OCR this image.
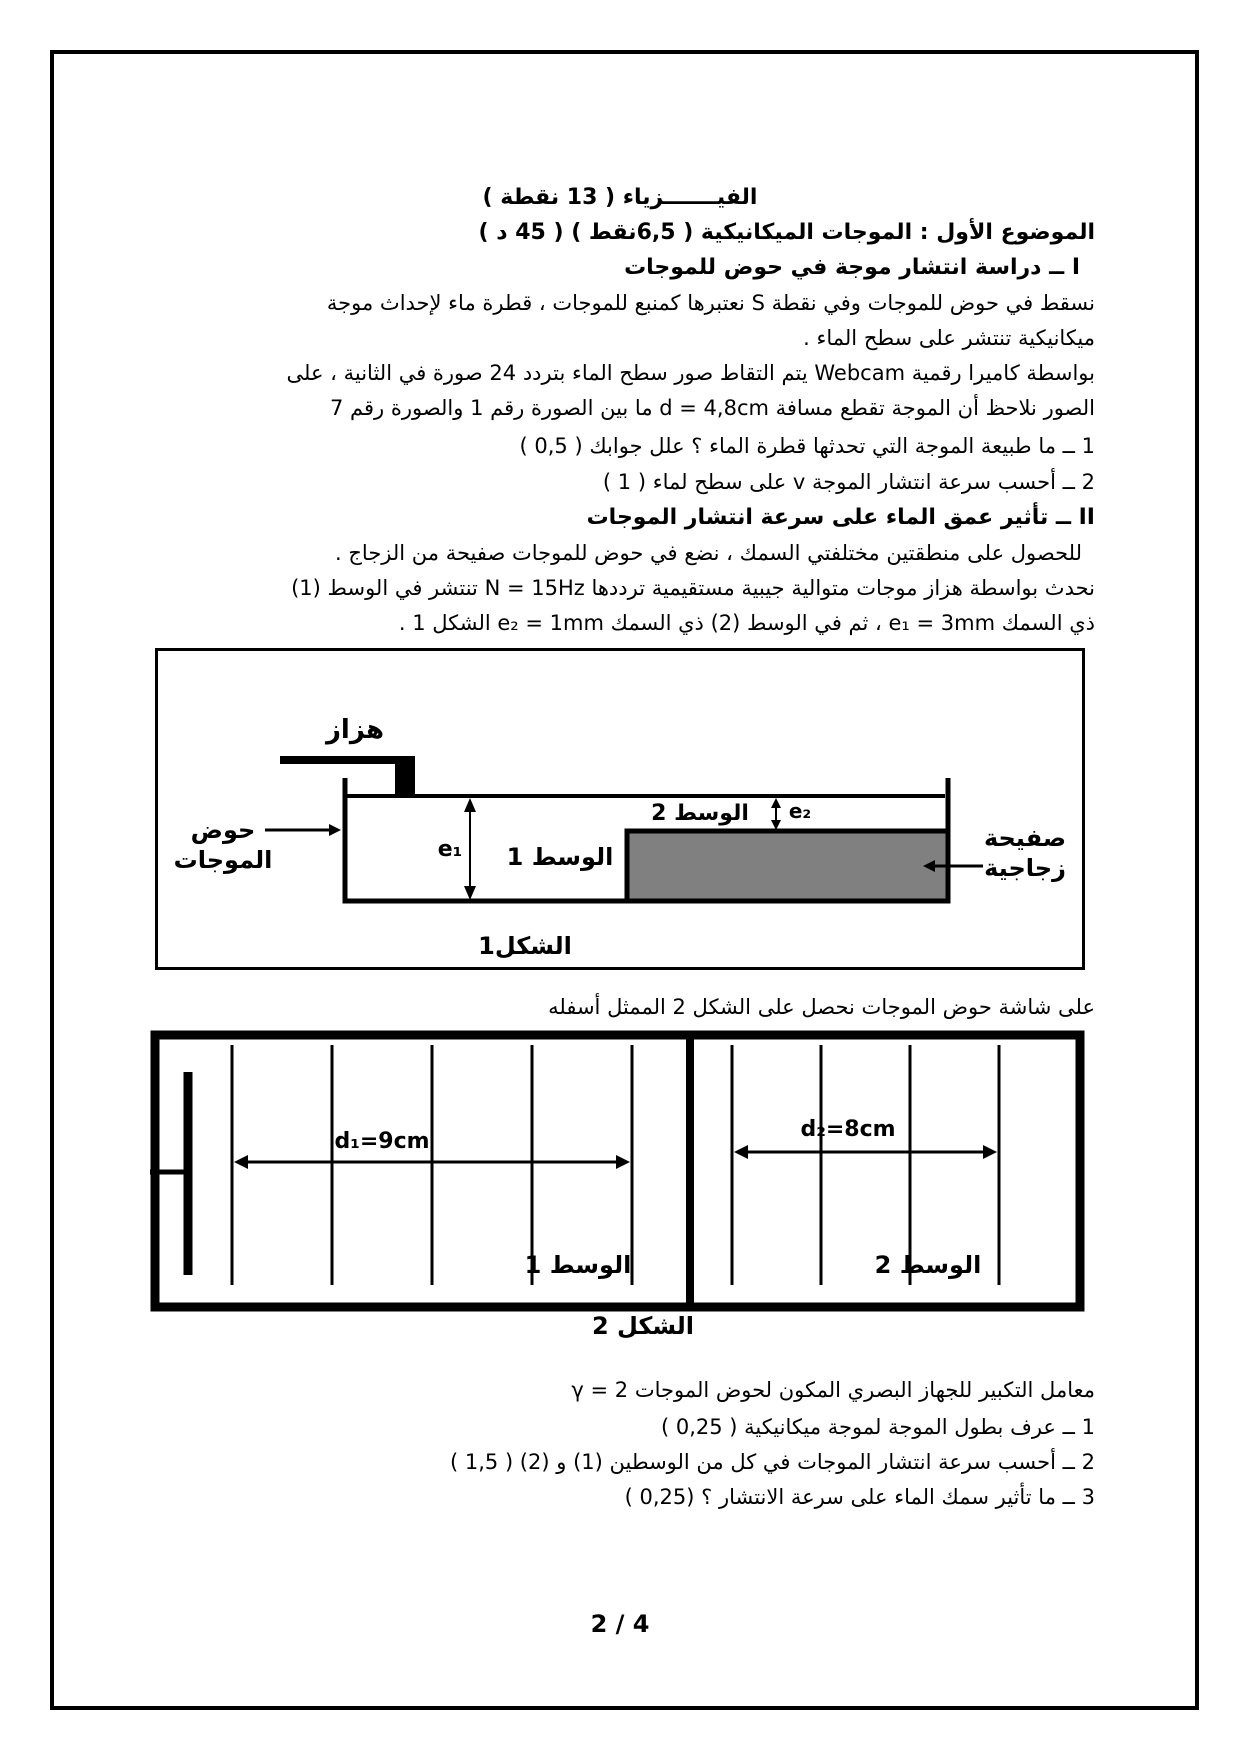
الفيـــــــزياء ( 13 نقطة )
الموضوع الأول : الموجات الميكانيكية ( 6,5نقط ) ( 45 د )
I ــ دراسة انتشار موجة في حوض للموجات
نسقط في حوض للموجات وفي نقطة S نعتبرها كمنبع للموجات ، قطرة ماء لإحداث موجة
ميكانيكية تنتشر على سطح الماء .
بواسطة كاميرا رقمية Webcam يتم التقاط صور سطح الماء بتردد 24 صورة في الثانية ، على
الصور نلاحظ أن الموجة تقطع مسافة d = 4,8cm ما بين الصورة رقم 1 والصورة رقم 7
1 ــ ما طبيعة الموجة التي تحدثها قطرة الماء ؟ علل جوابك ( 0,5 )
2 ــ أحسب سرعة انتشار الموجة v على سطح لماء ( 1 )
II ــ تأثير عمق الماء على سرعة انتشار الموجات
للحصول على منطقتين مختلفتي السمك ، نضع في حوض للموجات صفيحة من الزجاج .
نحدث بواسطة هزاز موجات متوالية جيبية مستقيمية ترددها N = 15Hz تنتشر في الوسط (1)
ذي السمك e₁ = 3mm ، ثم في الوسط (2) ذي السمك e₂ = 1mm الشكل 1 .
هزاز
e₁
e₂
الوسط 1
الوسط 2
حوض
الموجات
صفيحة
زجاجية
الشكل1
على شاشة حوض الموجات نحصل على الشكل 2 الممثل أسفله
d₁=9cm	d₂=8cm
الوسط 1	الوسط 2
الشكل 2
معامل التكبير للجهاز البصري المكون لحوض الموجات γ = 2
1 ــ عرف بطول الموجة لموجة ميكانيكية ( 0,25 )
2 ــ أحسب سرعة انتشار الموجات في كل من الوسطين (1) و (2) ( 1,5 )
3 ــ ما تأثير سمك الماء على سرعة الانتشار ؟ (0,25 )
2 / 4
